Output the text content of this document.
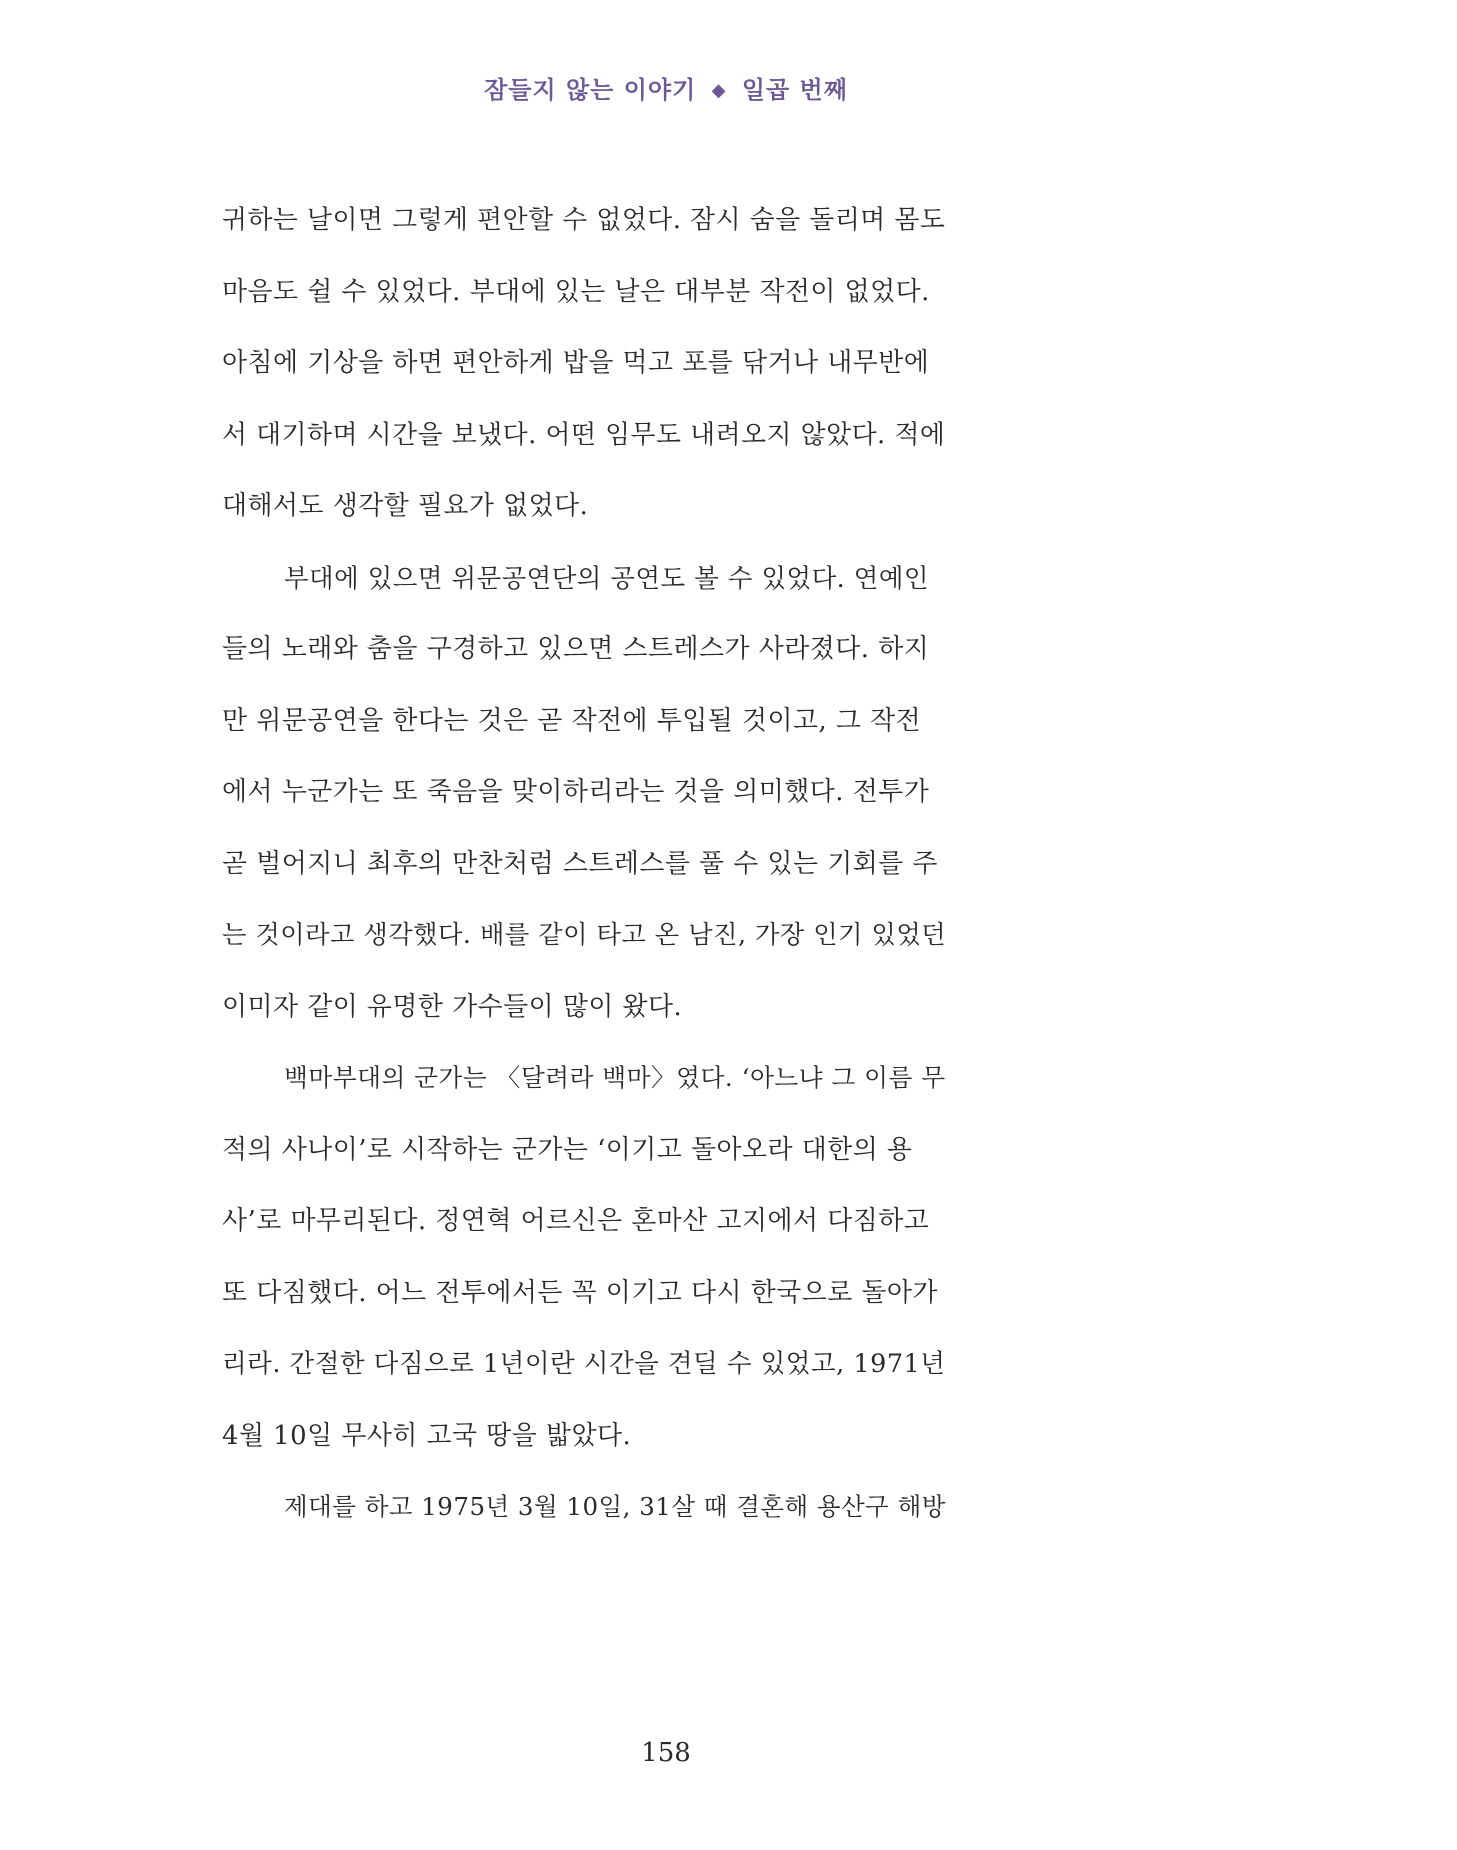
잠들지 않는 이야기 ◆ 일곱 번째
귀하는 날이면 그렇게 편안할 수 없었다. 잠시 숨을 돌리며 몸도
마음도 쉴 수 있었다. 부대에 있는 날은 대부분 작전이 없었다.
아침에 기상을 하면 편안하게 밥을 먹고 포를 닦거나 내무반에
서 대기하며 시간을 보냈다. 어떤 임무도 내려오지 않았다. 적에
대해서도 생각할 필요가 없었다.
부대에 있으면 위문공연단의 공연도 볼 수 있었다. 연예인
들의 노래와 춤을 구경하고 있으면 스트레스가 사라졌다. 하지
만 위문공연을 한다는 것은 곧 작전에 투입될 것이고, 그 작전
에서 누군가는 또 죽음을 맞이하리라는 것을 의미했다. 전투가
곧 벌어지니 최후의 만찬처럼 스트레스를 풀 수 있는 기회를 주
는 것이라고 생각했다. 배를 같이 타고 온 남진, 가장 인기 있었던
이미자 같이 유명한 가수들이 많이 왔다.
백마부대의 군가는 〈달려라 백마〉였다. ‘아느냐 그 이름 무
적의 사나이’로 시작하는 군가는 ‘이기고 돌아오라 대한의 용
사’로 마무리된다. 정연혁 어르신은 혼마산 고지에서 다짐하고
또 다짐했다. 어느 전투에서든 꼭 이기고 다시 한국으로 돌아가
리라. 간절한 다짐으로 1년이란 시간을 견딜 수 있었고, 1971년
4월 10일 무사히 고국 땅을 밟았다.
제대를 하고 1975년 3월 10일, 31살 때 결혼해 용산구 해방
158
